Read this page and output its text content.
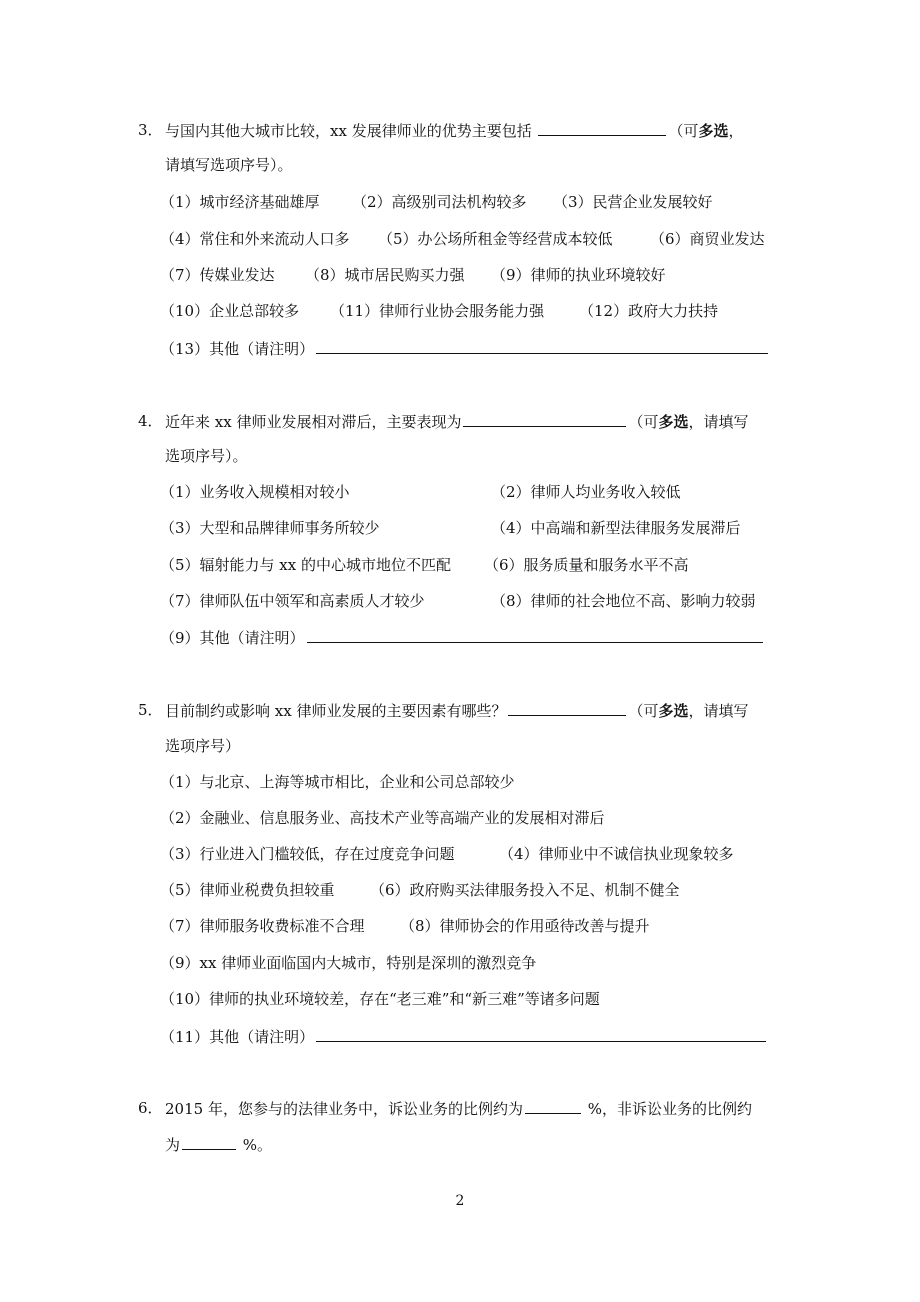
3． 与国内其他大城市比较，xx 发展律师业的优势主要包括	（可多选，
请填写选项序号）。
（1）城市经济基础雄厚 （2）高级别司法机构较多 （3）民营企业发展较好
（4）常住和外来流动人口多 （5）办公场所租金等经营成本较低 （6）商贸业发达
（7）传媒业发达 （8）城市居民购买力强 （9）律师的执业环境较好
（10）企业总部较多 （11）律师行业协会服务能力强 （12）政府大力扶持
（13）其他（请注明）
4． 近年来 xx 律师业发展相对滞后，主要表现为	（可多选，请填写
选项序号）。
（1）业务收入规模相对较小	（2）律师人均业务收入较低
（3）大型和品牌律师事务所较少	（4）中高端和新型法律服务发展滞后
（5）辐射能力与 xx 的中心城市地位不匹配 （6）服务质量和服务水平不高
（7）律师队伍中领军和高素质人才较少	（8）律师的社会地位不高、影响力较弱
（9）其他（请注明）
5． 目前制约或影响 xx 律师业发展的主要因素有哪些？	（可多选，请填写
选项序号）
（1）与北京、上海等城市相比，企业和公司总部较少
（2）金融业、信息服务业、高技术产业等高端产业的发展相对滞后
（3）行业进入门槛较低，存在过度竞争问题	（4）律师业中不诚信执业现象较多
（5）律师业税费负担较重 （6）政府购买法律服务投入不足、机制不健全
（7）律师服务收费标准不合理 （8）律师协会的作用亟待改善与提升
（9）xx 律师业面临国内大城市，特别是深圳的激烈竞争
（10）律师的执业环境较差，存在“老三难”和“新三难”等诸多问题
（11）其他（请注明）
6． 2015 年，您参与的法律业务中，诉讼业务的比例约为	%，非诉讼业务的比例约
为	%。
2
